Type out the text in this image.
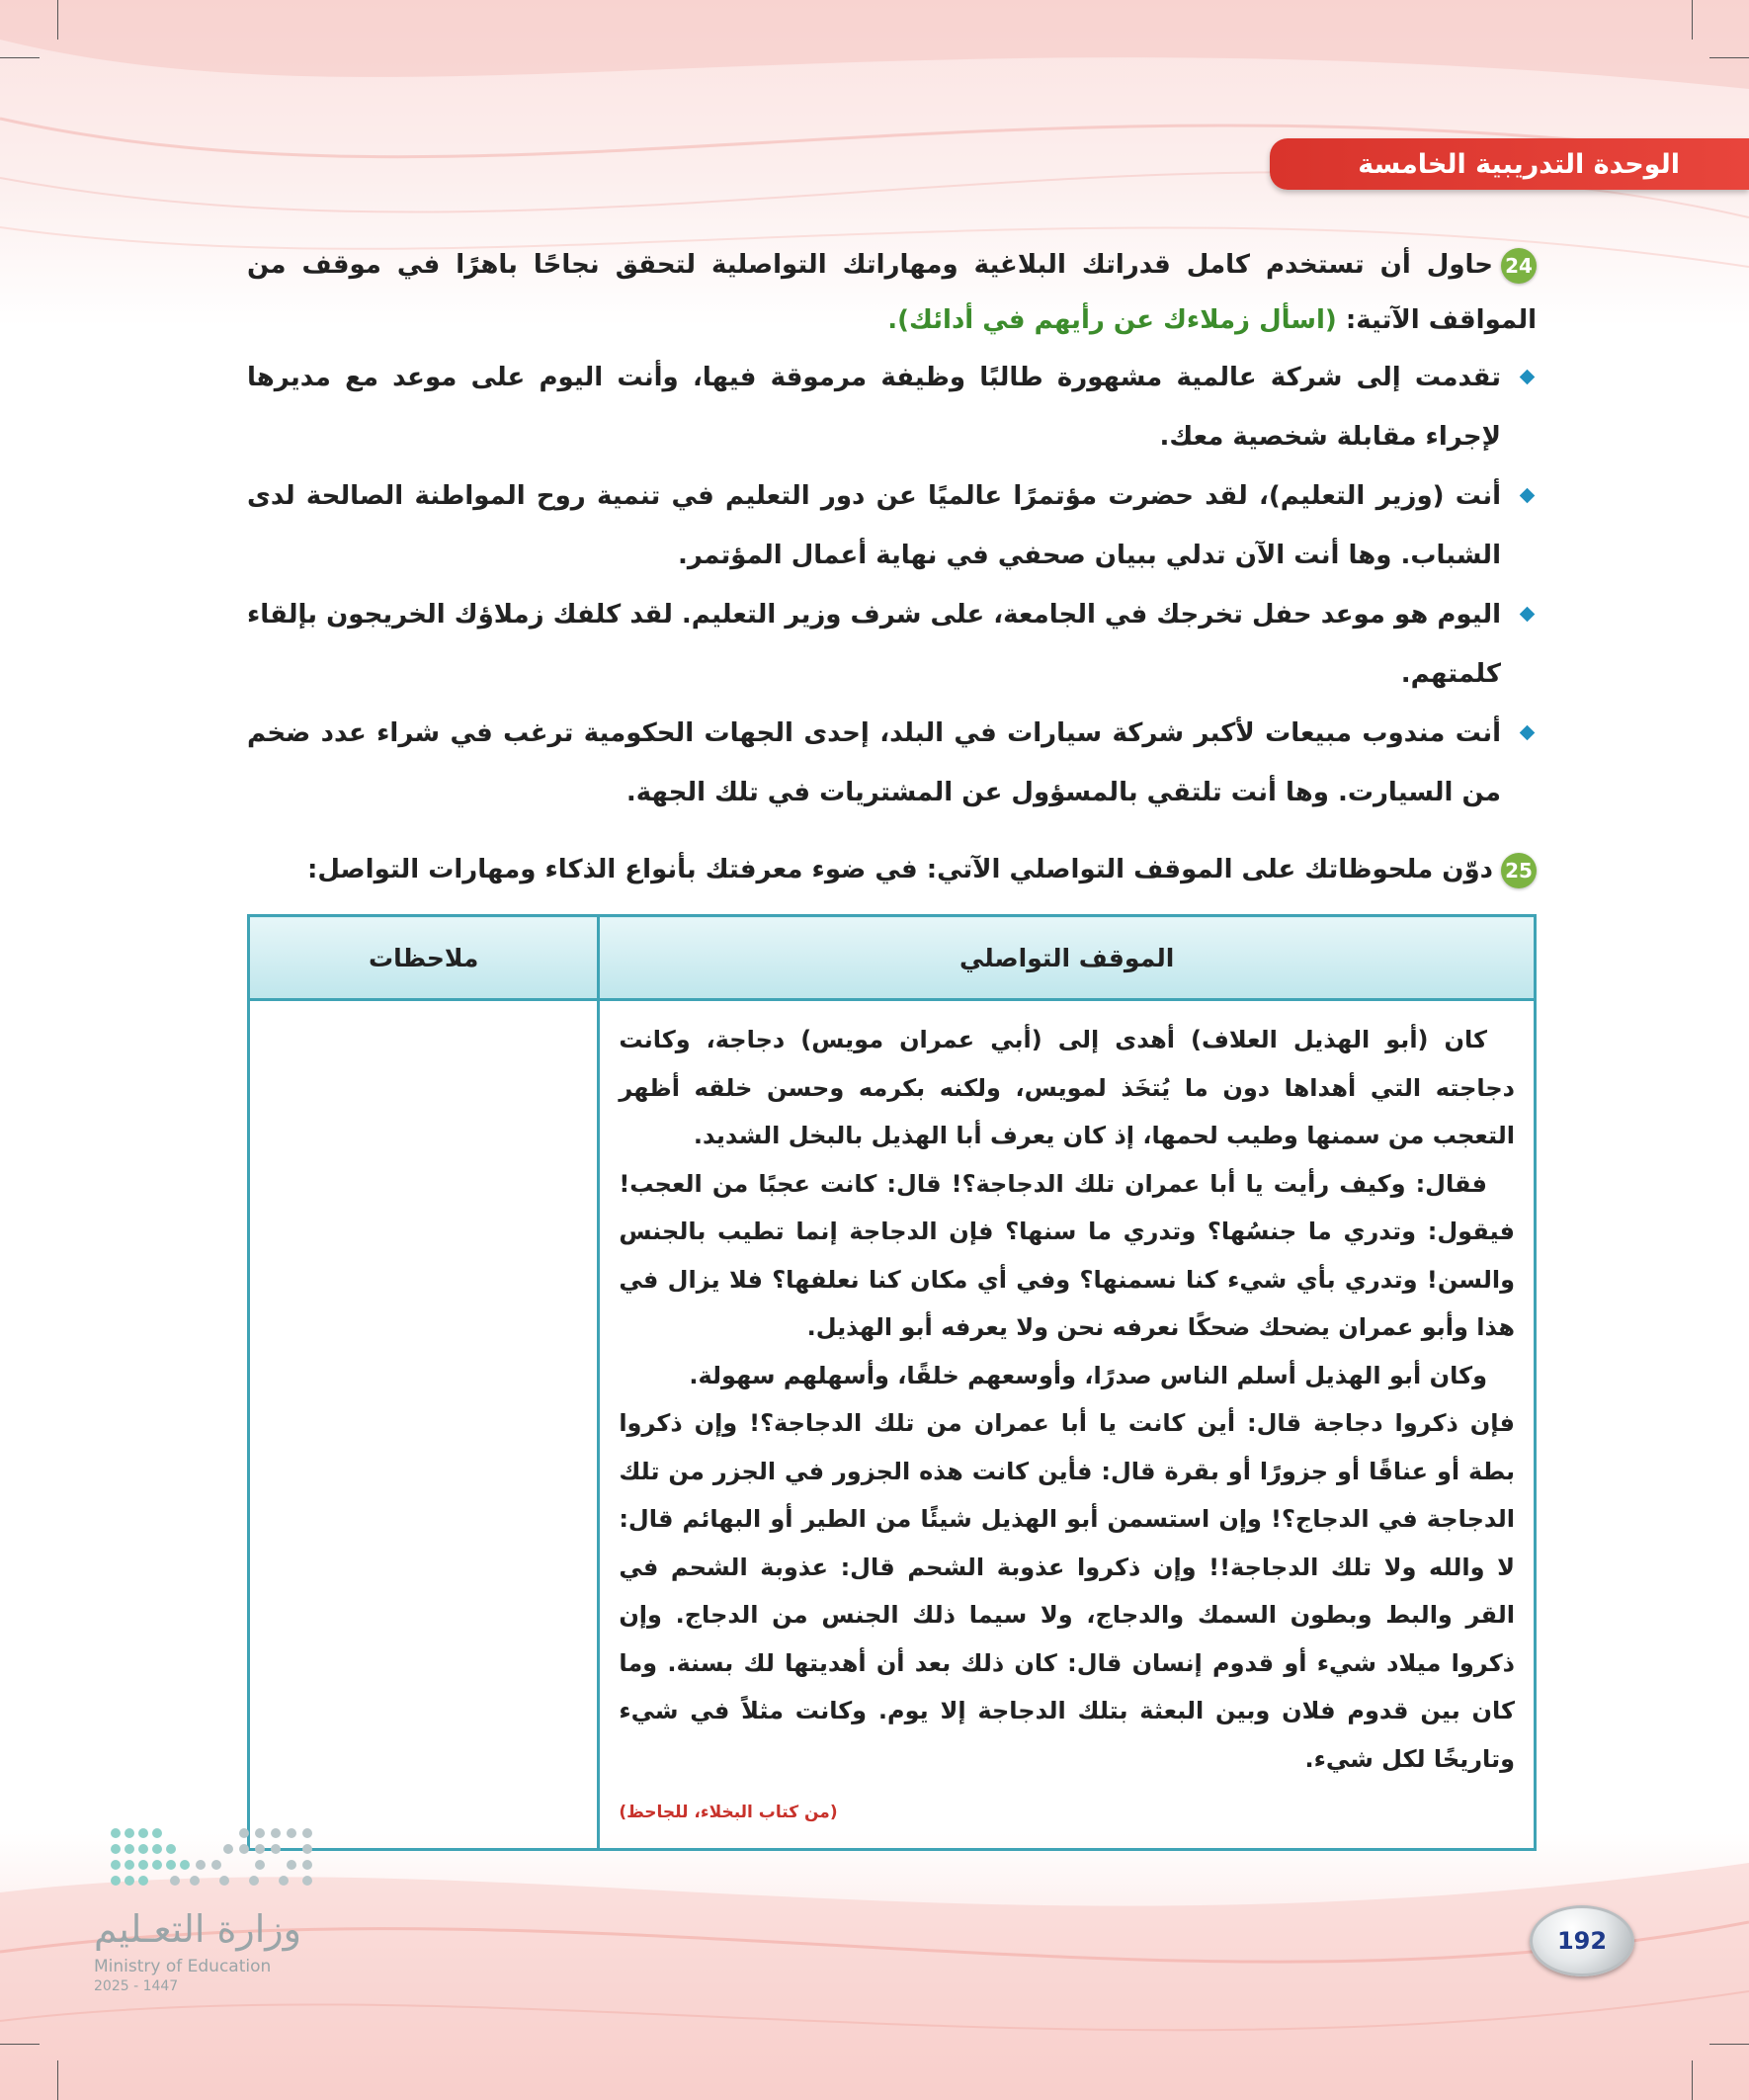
الوحدة التدريبية الخامسة

24حاول أن تستخدم كامل قدراتك البلاغية ومهاراتك التواصلية لتحقق نجاحًا باهرًا في موقف من المواقف الآتية: (اسأل زملاءك عن رأيهم في أدائك).

تقدمت إلى شركة عالمية مشهورة طالبًا وظيفة مرموقة فيها، وأنت اليوم على موعد مع مديرها لإجراء مقابلة شخصية معك.
أنت (وزير التعليم)، لقد حضرت مؤتمرًا عالميًا عن دور التعليم في تنمية روح المواطنة الصالحة لدى الشباب. وها أنت الآن تدلي ببيان صحفي في نهاية أعمال المؤتمر.
اليوم هو موعد حفل تخرجك في الجامعة، على شرف وزير التعليم. لقد كلفك زملاؤك الخريجون بإلقاء كلمتهم.
أنت مندوب مبيعات لأكبر شركة سيارات في البلد، إحدى الجهات الحكومية ترغب في شراء عدد ضخم من السيارت. وها أنت تلتقي بالمسؤول عن المشتريات في تلك الجهة.

25دوّن ملحوظاتك على الموقف التواصلي الآتي: في ضوء معرفتك بأنواع الذكاء ومهارات التواصل:

الموقف التواصلي	ملاحظات

كان (أبو الهذيل العلاف) أهدى إلى (أبي عمران مويس) دجاجة، وكانت دجاجته التي أهداها دون ما يُتخَذ لمويس، ولكنه بكرمه وحسن خلقه أظهر التعجب من سمنها وطيب لحمها، إذ كان يعرف أبا الهذيل بالبخل الشديد.

فقال: وكيف رأيت يا أبا عمران تلك الدجاجة؟! قال: كانت عجبًا من العجب! فيقول: وتدري ما جنسُها؟ وتدري ما سنها؟ فإن الدجاجة إنما تطيب بالجنس والسن! وتدري بأي شيء كنا نسمنها؟ وفي أي مكان كنا نعلفها؟ فلا يزال في هذا وأبو عمران يضحك ضحكًا نعرفه نحن ولا يعرفه أبو الهذيل.

وكان أبو الهذيل أسلم الناس صدرًا، وأوسعهم خلقًا، وأسهلهم سهولة.

فإن ذكروا دجاجة قال: أين كانت يا أبا عمران من تلك الدجاجة؟! وإن ذكروا بطة أو عناقًا أو جزورًا أو بقرة قال: فأين كانت هذه الجزور في الجزر من تلك الدجاجة في الدجاج؟! وإن استسمن أبو الهذيل شيئًا من الطير أو البهائم قال: لا والله ولا تلك الدجاجة!! وإن ذكروا عذوبة الشحم قال: عذوبة الشحم في القر والبط وبطون السمك والدجاج، ولا سيما ذلك الجنس من الدجاج. وإن ذكروا ميلاد شيء أو قدوم إنسان قال: كان ذلك بعد أن أهديتها لك بسنة. وما كان بين قدوم فلان وبين البعثة بتلك الدجاجة إلا يوم. وكانت مثلاً في شيء وتاريخًا لكل شيء.

(من كتاب البخلاء، للجاحظ)	

وزارة التعـليم
Ministry of Education
2025 - 1447
192
